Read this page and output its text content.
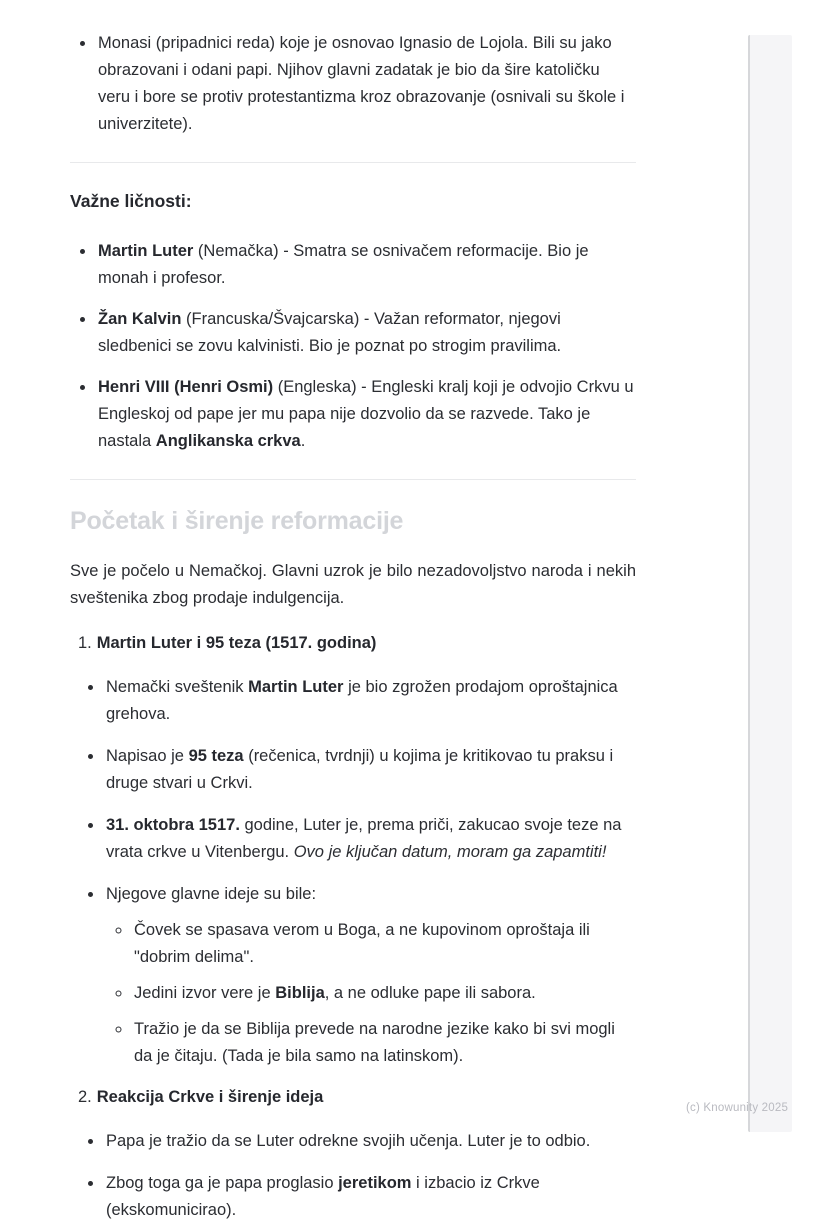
• Monasi (pripadnici reda) koje je osnovao Ignasio de Lojola. Bili su jako obrazovani i odani papi. Njihov glavni zadatak je bio da šire katoličku veru i bore se protiv protestantizma kroz obrazovanje (osnivali su škole i univerzitete).
Važne ličnosti:
• Martin Luter (Nemačka) - Smatra se osnivačem reformacije. Bio je monah i profesor.
• Žan Kalvin (Francuska/Švajcarska) - Važan reformator, njegovi sledbenici se zovu kalvinisti. Bio je poznat po strogim pravilima.
• Henri VIII (Henri Osmi) (Engleska) - Engleski kralj koji je odvojio Crkvu u Engleskoj od pape jer mu papa nije dozvolio da se razvede. Tako je nastala Anglikanska crkva.
Početak i širenje reformacije

Sve je počelo u Nemačkoj. Glavni uzrok je bilo nezadovoljstvo naroda i nekih sveštenika zbog prodaje indulgencija.

1. Martin Luter i 95 teza (1517. godina)
• Nemački sveštenik Martin Luter je bio zgrožen prodajom oproštajnica grehova.
• Napisao je 95 teza (rečenica, tvrdnji) u kojima je kritikovao tu praksu i druge stvari u Crkvi.
• 31. oktobra 1517. godine, Luter je, prema priči, zakucao svoje teze na vrata crkve u Vitenbergu. Ovo je ključan datum, moram ga zapamtiti!
• Njegove glavne ideje su bile:
◦ Čovek se spasava verom u Boga, a ne kupovinom oproštaja ili "dobrim delima".
◦ Jedini izvor vere je Biblija, a ne odluke pape ili sabora.
◦ Tražio je da se Biblija prevede na narodne jezike kako bi svi mogli da je čitaju. (Tada je bila samo na latinskom).
2. Reakcija Crkve i širenje ideja
• Papa je tražio da se Luter odrekne svojih učenja. Luter je to odbio.
• Zbog toga ga je papa proglasio jeretikom i izbacio iz Crkve (ekskomunicirao).
(c) Knowunity 2025
